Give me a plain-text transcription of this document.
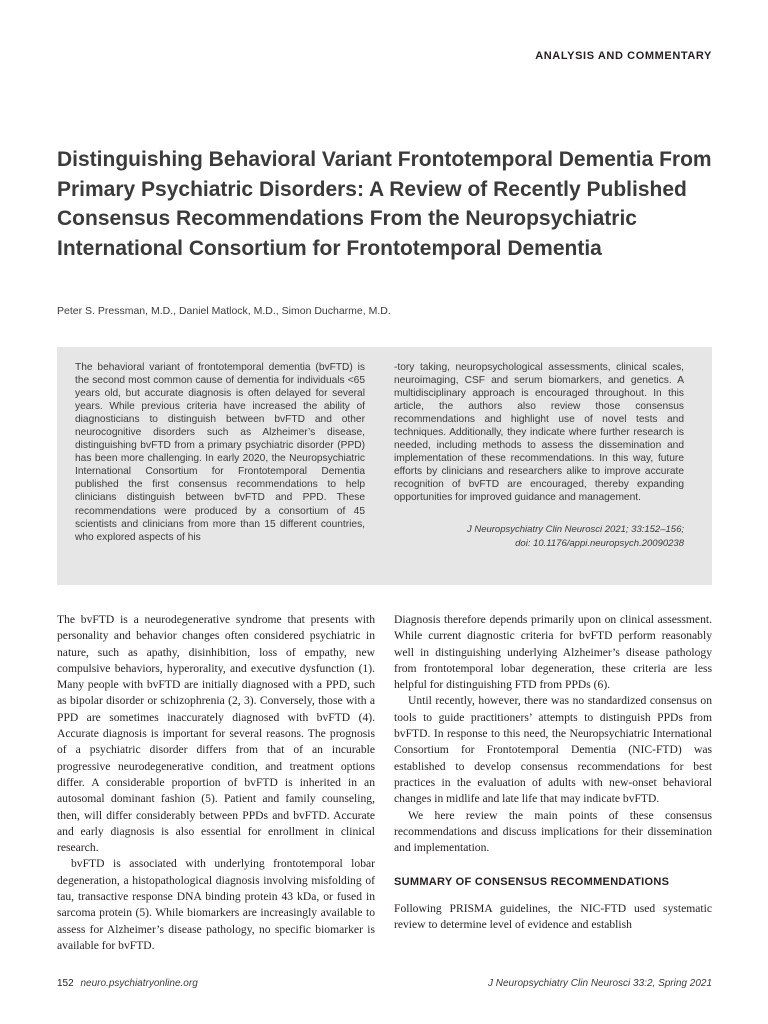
ANALYSIS AND COMMENTARY
Distinguishing Behavioral Variant Frontotemporal Dementia From Primary Psychiatric Disorders: A Review of Recently Published Consensus Recommendations From the Neuropsychiatric International Consortium for Frontotemporal Dementia
Peter S. Pressman, M.D., Daniel Matlock, M.D., Simon Ducharme, M.D.

The behavioral variant of frontotemporal dementia (bvFTD) is the second most common cause of dementia for individuals <65 years old, but accurate diagnosis is often delayed for several years. While previous criteria have increased the ability of diagnosticians to distinguish between bvFTD and other neurocognitive disorders such as Alzheimer’s disease, distinguishing bvFTD from a primary psychiatric disorder (PPD) has been more challenging. In early 2020, the Neuropsychiatric International Consortium for Frontotemporal Dementia published the first consensus recommendations to help clinicians distinguish between bvFTD and PPD. These recommendations were produced by a consortium of 45 scientists and clinicians from more than 15 different countries, who explored aspects of his

-tory taking, neuropsychological assessments, clinical scales, neuroimaging, CSF and serum biomarkers, and genetics. A multidisciplinary approach is encouraged throughout. In this article, the authors also review those consensus recommendations and highlight use of novel tests and techniques. Additionally, they indicate where further research is needed, including methods to assess the dissemination and implementation of these recommendations. In this way, future efforts by clinicians and researchers alike to improve accurate recognition of bvFTD are encouraged, thereby expanding opportunities for improved guidance and management.

J Neuropsychiatry Clin Neurosci 2021; 33:152–156;
doi: 10.1176/appi.neuropsych.20090238

The bvFTD is a neurodegenerative syndrome that presents with personality and behavior changes often considered psychiatric in nature, such as apathy, disinhibition, loss of empathy, new compulsive behaviors, hyperorality, and executive dysfunction (1). Many people with bvFTD are initially diagnosed with a PPD, such as bipolar disorder or schizophrenia (2, 3). Conversely, those with a PPD are sometimes inaccurately diagnosed with bvFTD (4). Accurate diagnosis is important for several reasons. The prognosis of a psychiatric disorder differs from that of an incurable progressive neurodegenerative condition, and treatment options differ. A considerable proportion of bvFTD is inherited in an autosomal dominant fashion (5). Patient and family counseling, then, will differ considerably between PPDs and bvFTD. Accurate and early diagnosis is also essential for enrollment in clinical research.

bvFTD is associated with underlying frontotemporal lobar degeneration, a histopathological diagnosis involving misfolding of tau, transactive response DNA binding protein 43 kDa, or fused in sarcoma protein (5). While biomarkers are increasingly available to assess for Alzheimer’s disease pathology, no specific biomarker is available for bvFTD.

Diagnosis therefore depends primarily upon on clinical assessment. While current diagnostic criteria for bvFTD perform reasonably well in distinguishing underlying Alzheimer’s disease pathology from frontotemporal lobar degeneration, these criteria are less helpful for distinguishing FTD from PPDs (6).

Until recently, however, there was no standardized consensus on tools to guide practitioners’ attempts to distinguish PPDs from bvFTD. In response to this need, the Neuropsychiatric International Consortium for Frontotemporal Dementia (NIC-FTD) was established to develop consensus recommendations for best practices in the evaluation of adults with new-onset behavioral changes in midlife and late life that may indicate bvFTD.

We here review the main points of these consensus recommendations and discuss implications for their dissemination and implementation.

SUMMARY OF CONSENSUS RECOMMENDATIONS

Following PRISMA guidelines, the NIC-FTD used systematic review to determine level of evidence and establish

152 neuro.psychiatryonline.org	J Neuropsychiatry Clin Neurosci 33:2, Spring 2021
